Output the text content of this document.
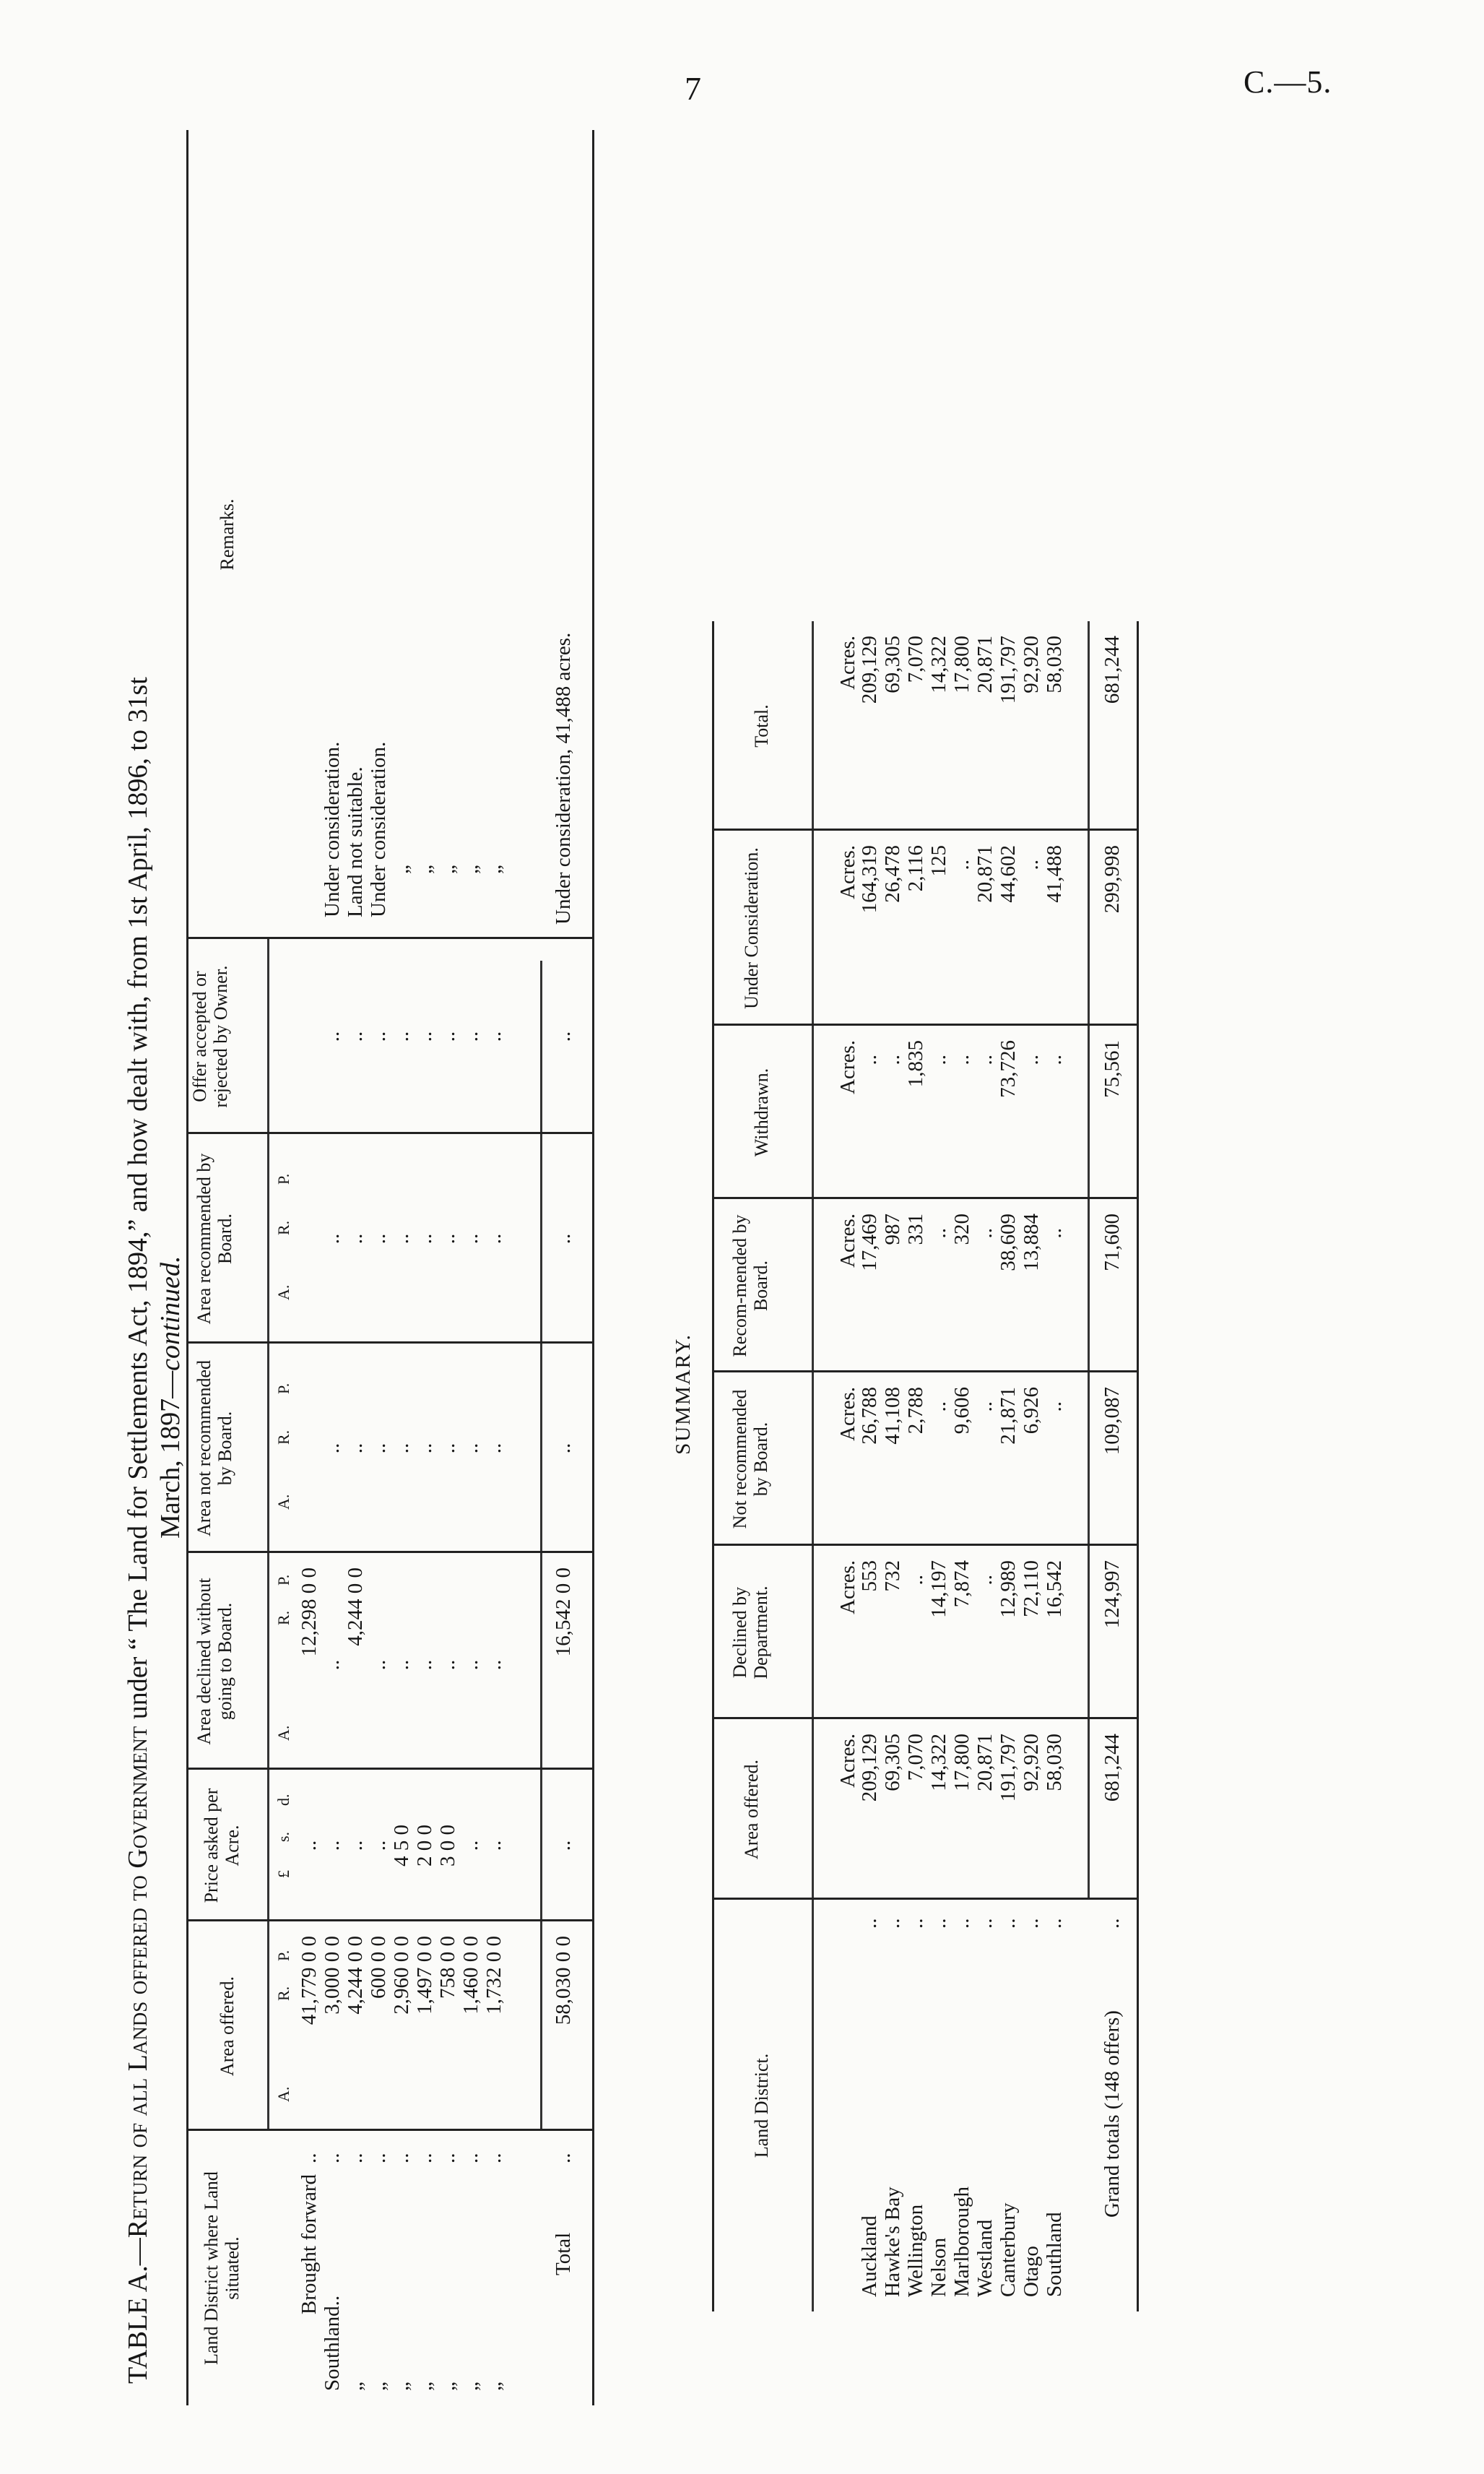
7	C.—5.
TABLE A.—Return of all Lands offered to Government under “ The Land for Settlements Act, 1894,” and how dealt with, from 1st April, 1896, to 31st March, 1897—continued.
Land District where Land situated.
Area offered.
Price asked per Acre.
Area declined without going to Board.
Area not recommended by Board.
Area recommended by Board.
Offer accepted or rejected by Owner.
Remarks.
A.
R.
P.
£
s.
d.
A.
R.
P.
A.
R.
P.
A.
R.
P.
Brought forward
..
41,779 0 0
..
12,298 0 0
Southland..
..
3,000 0 0
..
..
..
..
..
Under consideration.
„
..
4,244 0 0
..
4,244 0 0
..
..
..
Land not suitable.
„
..
600 0 0
..
..
..
..
..
Under consideration.
„
..
2,960 0 0
4 5 0
..
..
..
..
„
„
..
1,497 0 0
2 0 0
..
..
..
..
„
„
..
758 0 0
3 0 0
..
..
..
..
„
„
..
1,460 0 0
..
..
..
..
..
„
„
..
1,732 0 0
..
..
..
..
..
„
Total
..
58,030 0 0
..
16,542 0 0
..
..
..
Under consideration, 41,488 acres.
SUMMARY.
Land District.
Area offered.
Declined by Department.
Not recommended by Board.
Recom-mended by Board.
Withdrawn.
Under Consideration.
Total.
Acres.
Acres.
Acres.
Acres.
Acres.
Acres.
Acres.
Auckland
..
209,129
553
26,788
17,469
..
164,319
209,129
Hawke's Bay
..
69,305
732
41,108
987
..
26,478
69,305
Wellington
..
7,070
..
2,788
331
1,835
2,116
7,070
Nelson
..
14,322
14,197
..
..
..
125
14,322
Marlborough
..
17,800
7,874
9,606
320
..
..
17,800
Westland
..
20,871
..
..
..
..
20,871
20,871
Canterbury
..
191,797
12,989
21,871
38,609
73,726
44,602
191,797
Otago
..
92,920
72,110
6,926
13,884
..
..
92,920
Southland
..
58,030
16,542
..
..
..
41,488
58,030
Grand totals (148 offers)
..
681,244
124,997
109,087
71,600
75,561
299,998
681,244
